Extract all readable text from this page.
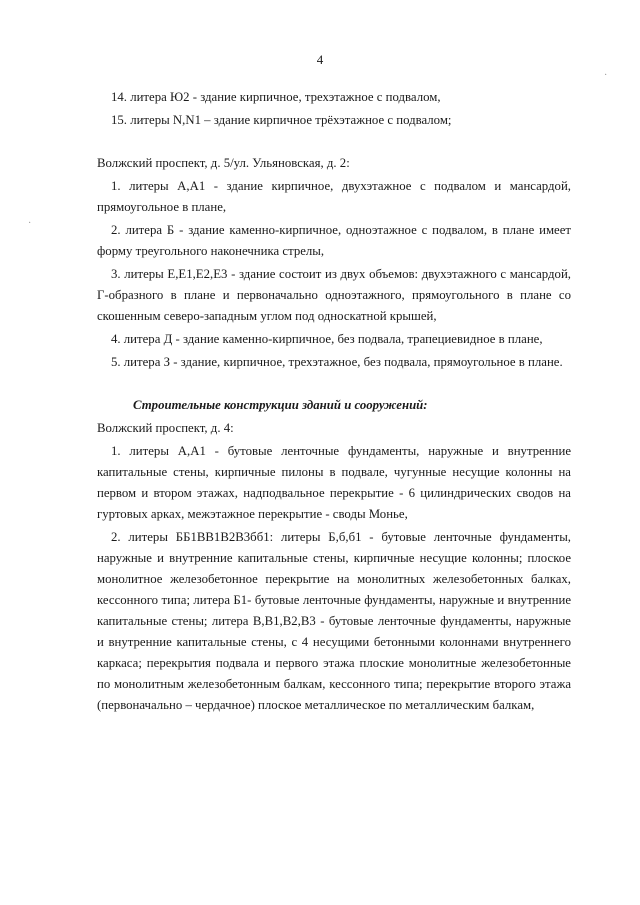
4
·
·

14. литера Ю2 - здание кирпичное, трехэтажное с подвалом,

15. литеры N,N1 – здание кирпичное трёхэтажное с подвалом;

Волжский проспект, д. 5/ул. Ульяновская, д. 2:

1. литеры А,А1 - здание кирпичное, двухэтажное с подвалом и мансардой, прямоугольное в плане,

2. литера Б - здание каменно-кирпичное, одноэтажное с подвалом, в плане имеет форму треугольного наконечника стрелы,

3. литеры Е,Е1,Е2,Е3 - здание состоит из двух объемов: двухэтажного с мансардой, Г-образного в плане и первоначально одноэтажного, прямоугольного в плане со скошенным северо-западным углом под односкатной крышей,

4. литера Д - здание каменно-кирпичное, без подвала, трапециевидное в плане,

5. литера З - здание, кирпичное, трехэтажное, без подвала, прямоугольное в плане.

Строительные конструкции зданий и сооружений:

Волжский проспект, д. 4:

1. литеры А,А1 - бутовые ленточные фундаменты, наружные и внутренние капитальные стены, кирпичные пилоны в подвале, чугунные несущие колонны на первом и втором этажах, надподвальное перекрытие - 6 цилиндрических сводов на гуртовых арках, межэтажное перекрытие - своды Монье,

2. литеры ББ1ВВ1В2В3бб1: литеры Б,б,б1 - бутовые ленточные фундаменты, наружные и внутренние капитальные стены, кирпичные несущие колонны; плоское монолитное железобетонное перекрытие на монолитных железобетонных балках, кессонного типа; литера Б1- бутовые ленточные фундаменты, наружные и внутренние капитальные стены; литера В,В1,В2,В3 - бутовые ленточные фундаменты, наружные и внутренние капитальные стены, с 4 несущими бетонными колоннами внутреннего каркаса; перекрытия подвала и первого этажа плоские монолитные железобетонные по монолитным железобетонным балкам, кессонного типа; перекрытие второго этажа (первоначально – чердачное) плоское металлическое по металлическим балкам,
